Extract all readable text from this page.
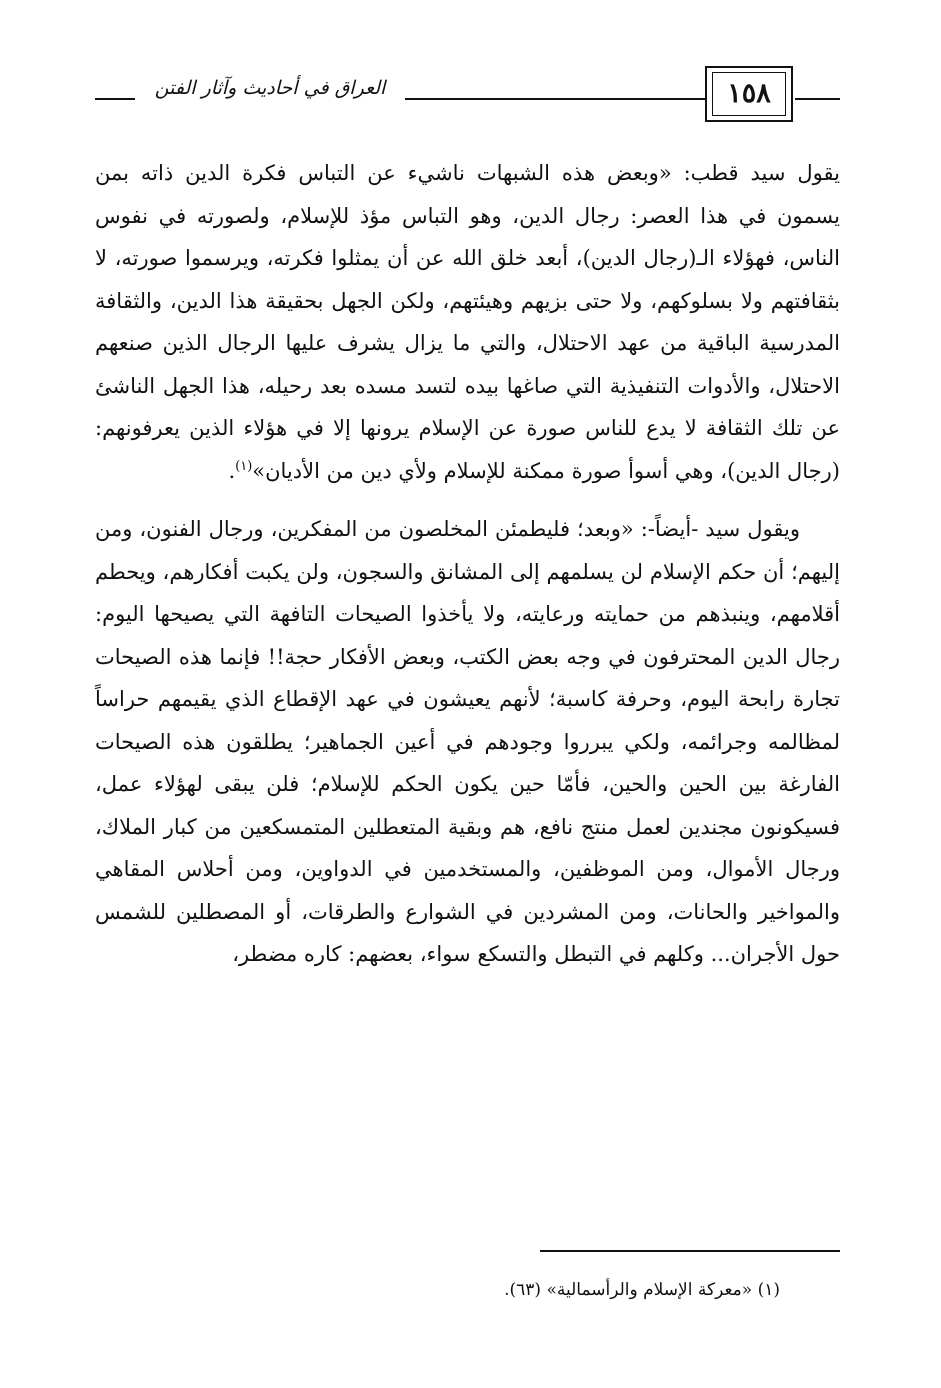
العراق في أحاديث وآثار الفتن	١٥٨

يقول سيد قطب: «وبعض هذه الشبهات ناشيء عن التباس فكرة الدين ذاته بمن يسمون في هذا العصر: رجال الدين، وهو التباس مؤذ للإسلام، ولصورته في نفوس الناس، فهؤلاء الـ(رجال الدين)، أبعد خلق الله عن أن يمثلوا فكرته، ويرسموا صورته، لا بثقافتهم ولا بسلوكهم، ولا حتى بزيهم وهيئتهم، ولكن الجهل بحقيقة هذا الدين، والثقافة المدرسية الباقية من عهد الاحتلال، والتي ما يزال يشرف عليها الرجال الذين صنعهم الاحتلال، والأدوات التنفيذية التي صاغها بيده لتسد مسده بعد رحيله، هذا الجهل الناشئ عن تلك الثقافة لا يدع للناس صورة عن الإسلام يرونها إلا في هؤلاء الذين يعرفونهم: (رجال الدين)، وهي أسوأ صورة ممكنة للإسلام ولأي دين من الأديان»$^{(١)}$.

ويقول سيد -أيضاً-: «وبعد؛ فليطمئن المخلصون من المفكرين، ورجال الفنون، ومن إليهم؛ أن حكم الإسلام لن يسلمهم إلى المشانق والسجون، ولن يكبت أفكارهم، ويحطم أقلامهم، وينبذهم من حمايته ورعايته، ولا يأخذوا الصيحات التافهة التي يصيحها اليوم: رجال الدين المحترفون في وجه بعض الكتب، وبعض الأفكار حجة!! فإنما هذه الصيحات تجارة رابحة اليوم، وحرفة كاسبة؛ لأنهم يعيشون في عهد الإقطاع الذي يقيمهم حراساً لمظالمه وجرائمه، ولكي يبرروا وجودهم في أعين الجماهير؛ يطلقون هذه الصيحات الفارغة بين الحين والحين، فأمّا حين يكون الحكم للإسلام؛ فلن يبقى لهؤلاء عمل، فسيكونون مجندين لعمل منتج نافع، هم وبقية المتعطلين المتمسكعين من كبار الملاك، ورجال الأموال، ومن الموظفين، والمستخدمين في الدواوين، ومن أحلاس المقاهي والمواخير والحانات، ومن المشردين في الشوارع والطرقات، أو المصطلين للشمس حول الأجران... وكلهم في التبطل والتسكع سواء، بعضهم: كاره مضطر،

(١) «معركة الإسلام والرأسمالية» (٦٣).
